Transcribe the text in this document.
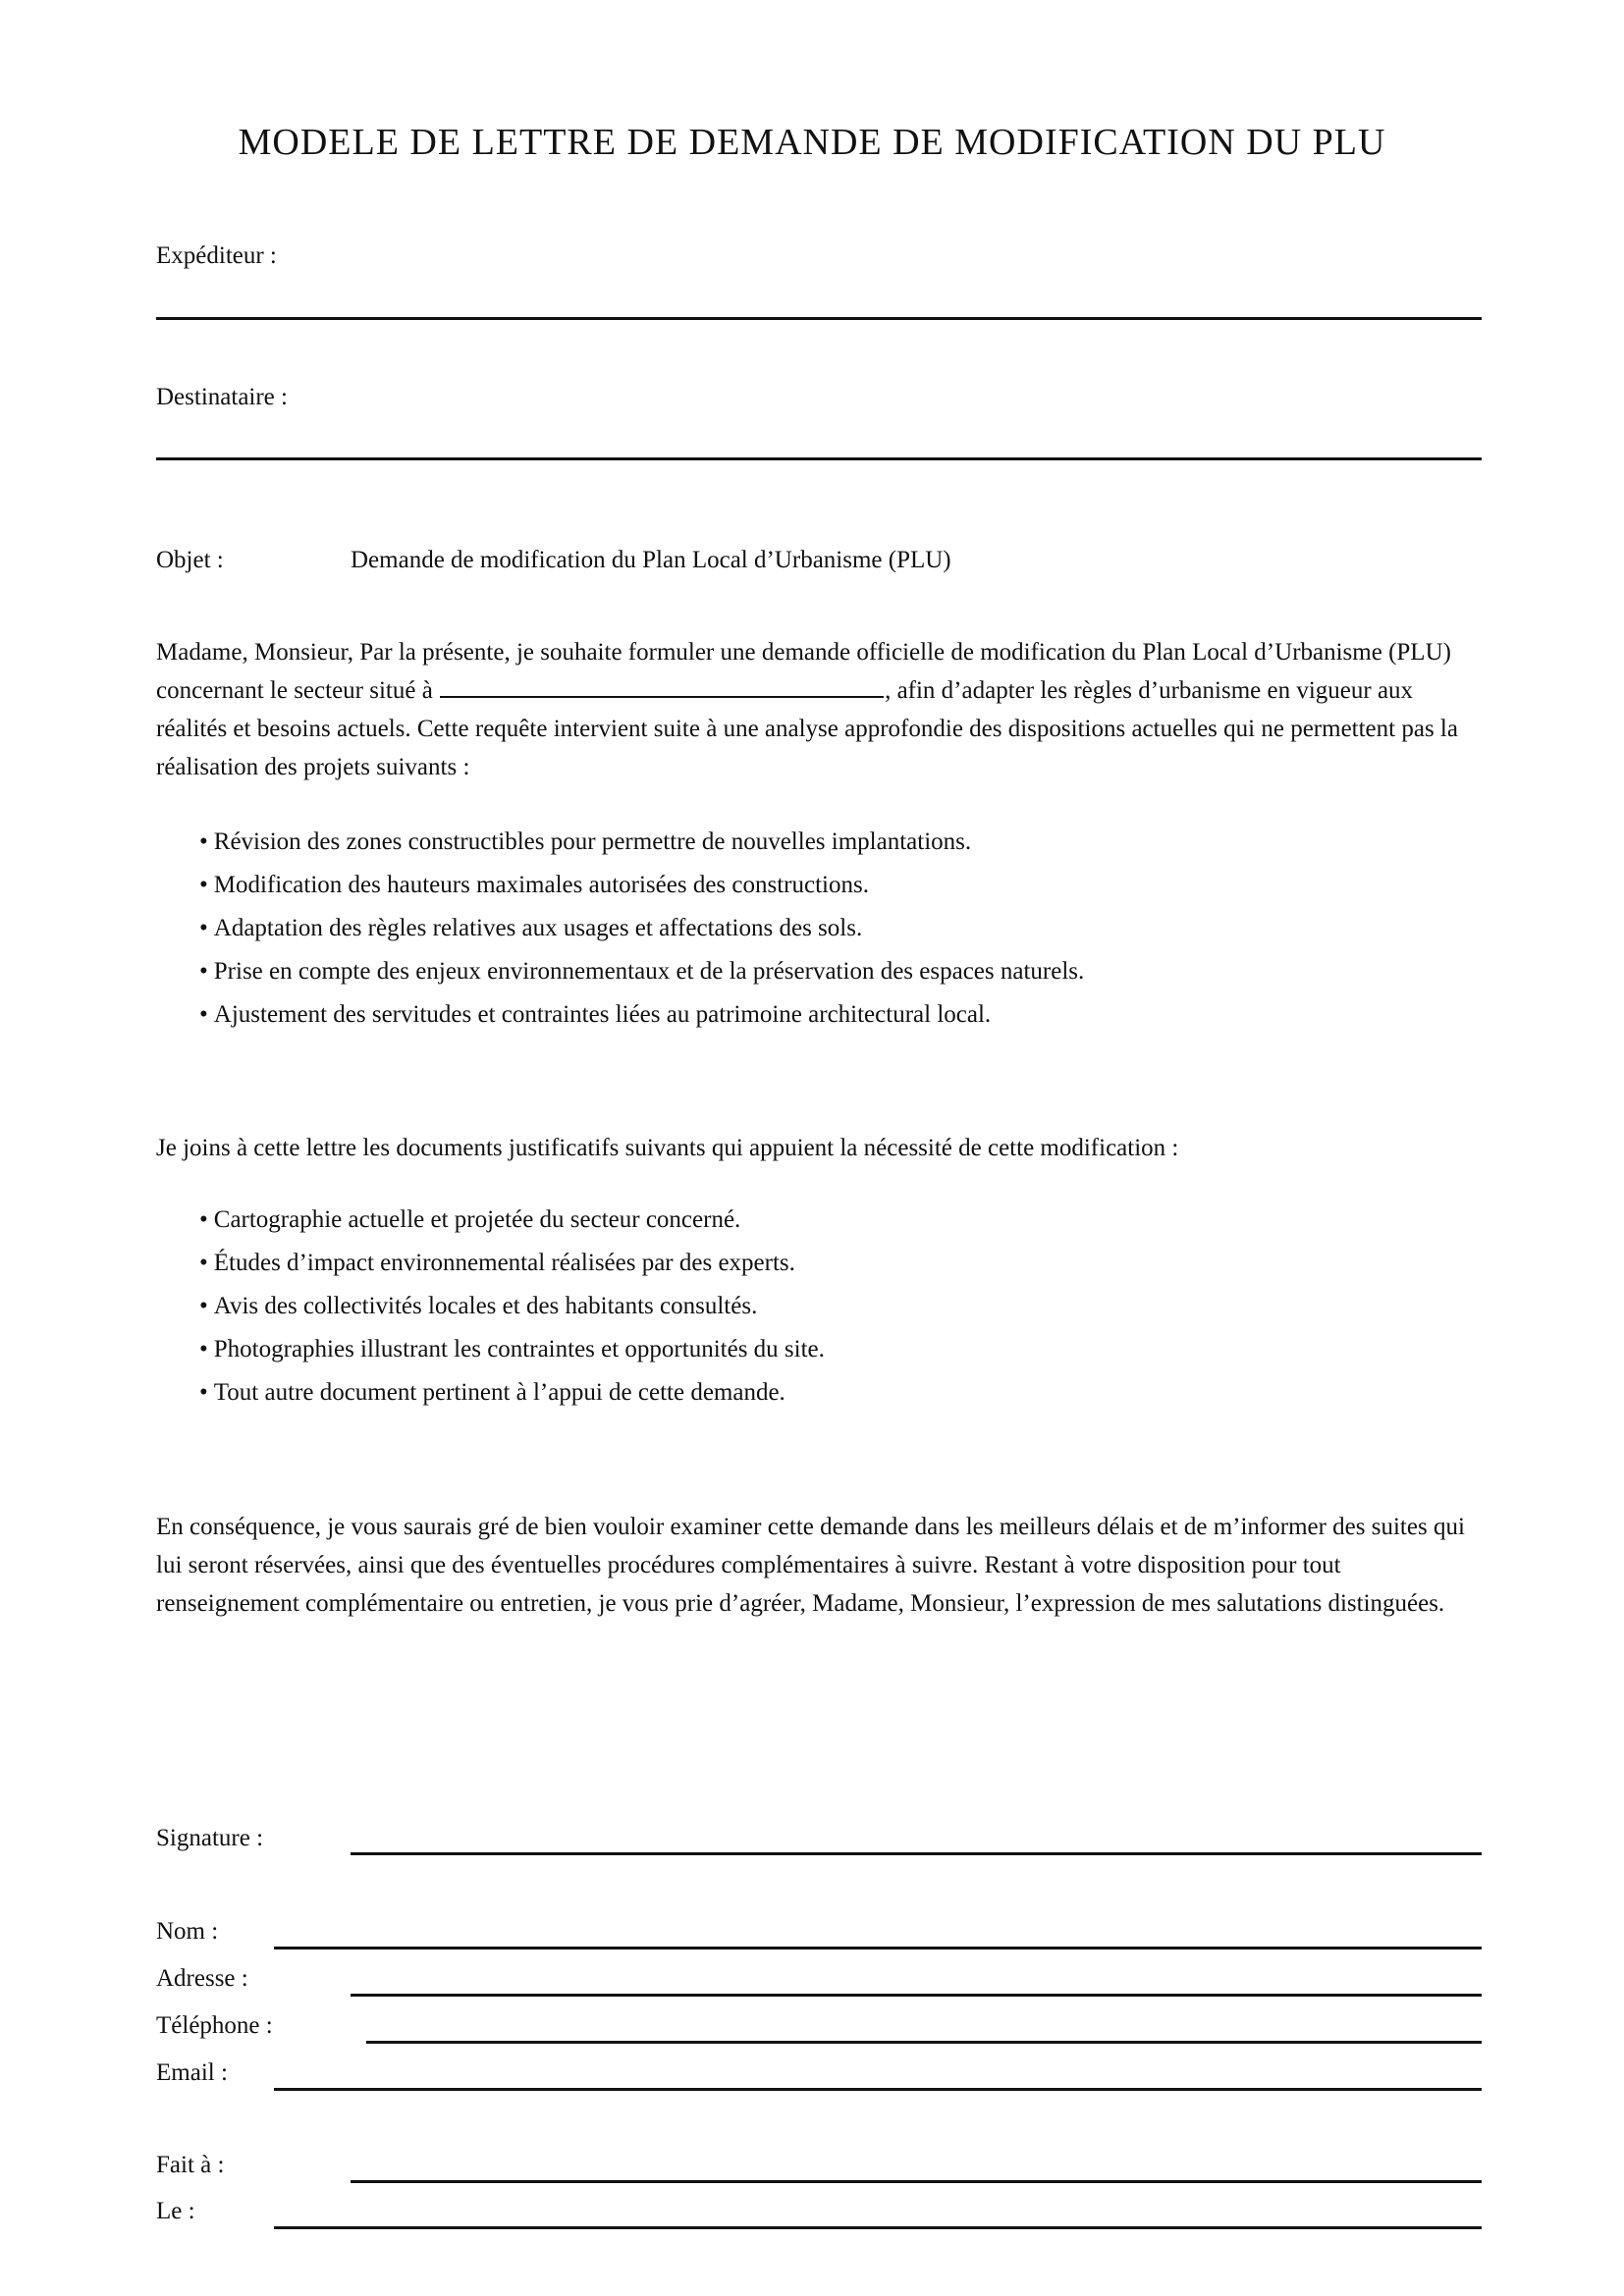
MODELE DE LETTRE DE DEMANDE DE MODIFICATION DU PLU
Expéditeur :
Destinataire :
Objet :	Demande de modification du Plan Local d’Urbanisme (PLU)
Madame, Monsieur, Par la présente, je souhaite formuler une demande officielle de modification du Plan Local d’Urbanisme (PLU) concernant le secteur situé à	, afin d’adapter les règles d’urbanisme en vigueur aux réalités et besoins actuels. Cette requête intervient suite à une analyse approfondie des dispositions actuelles qui ne permettent pas la réalisation des projets suivants :
• Révision des zones constructibles pour permettre de nouvelles implantations.
• Modification des hauteurs maximales autorisées des constructions.
• Adaptation des règles relatives aux usages et affectations des sols.
• Prise en compte des enjeux environnementaux et de la préservation des espaces naturels.
• Ajustement des servitudes et contraintes liées au patrimoine architectural local.
Je joins à cette lettre les documents justificatifs suivants qui appuient la nécessité de cette modification :
• Cartographie actuelle et projetée du secteur concerné.
• Études d’impact environnemental réalisées par des experts.
• Avis des collectivités locales et des habitants consultés.
• Photographies illustrant les contraintes et opportunités du site.
• Tout autre document pertinent à l’appui de cette demande.
En conséquence, je vous saurais gré de bien vouloir examiner cette demande dans les meilleurs délais et de m’informer des suites qui lui seront réservées, ainsi que des éventuelles procédures complémentaires à suivre. Restant à votre disposition pour tout renseignement complémentaire ou entretien, je vous prie d’agréer, Madame, Monsieur, l’expression de mes salutations distinguées.
Signature :
Nom :
Adresse :
Téléphone :
Email :
Fait à :
Le :
